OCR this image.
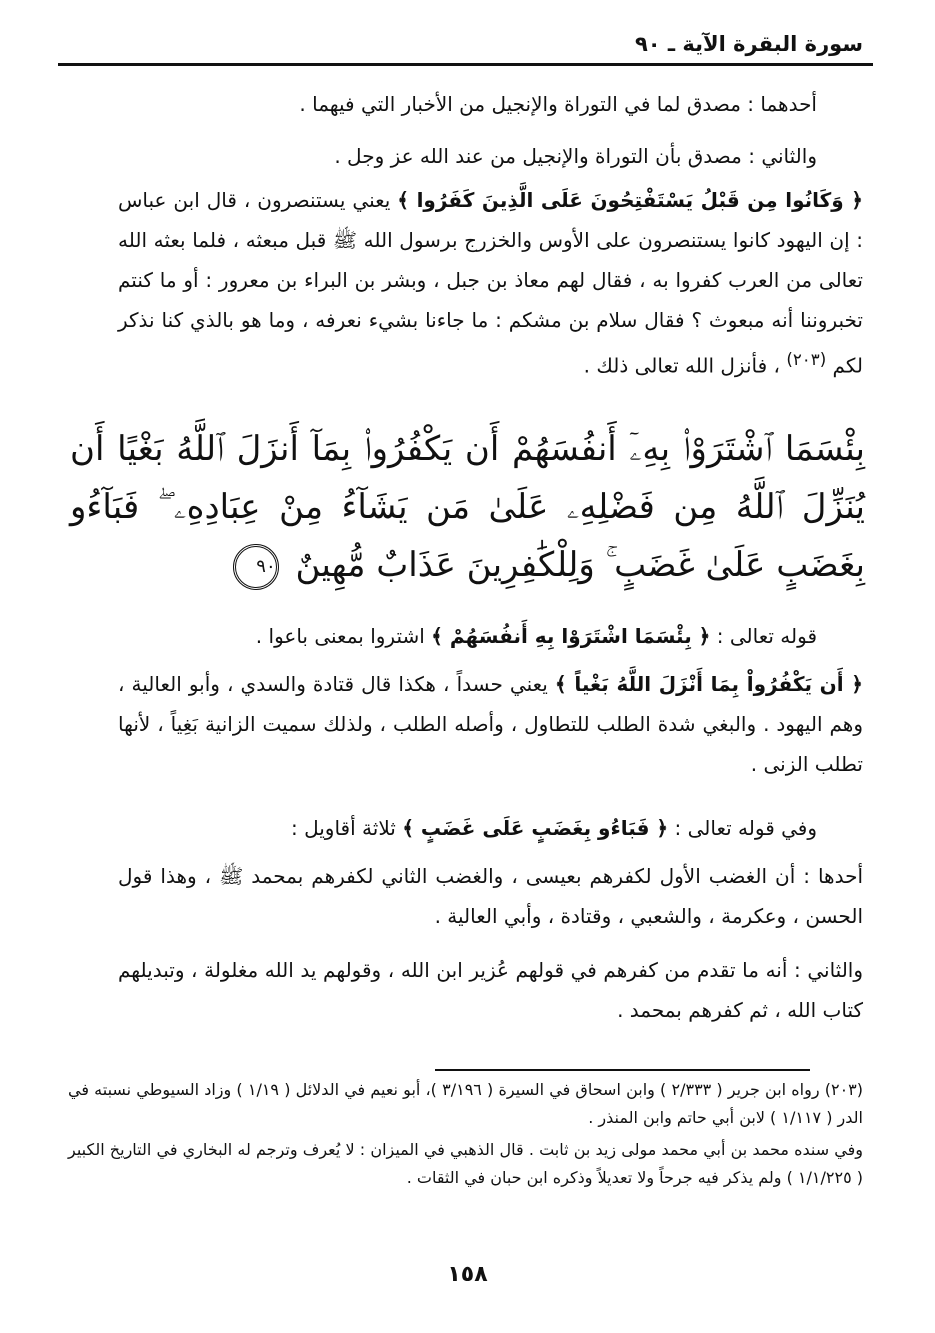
سورة البقرة الآية ـ ٩٠
أحدهما : مصدق لما في التوراة والإنجيل من الأخبار التي فيهما .
والثاني : مصدق بأن التوراة والإنجيل من عند الله عز وجل .
﴿ وَكَانُوا مِن قَبْلُ يَسْتَفْتِحُونَ عَلَى الَّذِينَ كَفَرُوا ﴾ يعني يستنصرون ، قال ابن عباس : إن اليهود كانوا يستنصرون على الأوس والخزرج برسول الله ﷺ قبل مبعثه ، فلما بعثه الله تعالى من العرب كفروا به ، فقال لهم معاذ بن جبل ، وبشر بن البراء بن معرور : أو ما كنتم تخبروننا أنه مبعوث ؟ فقال سلام بن مشكم : ما جاءنا بشيء نعرفه ، وما هو بالذي كنا نذكر لكم $^{(٢٠٣)}$ ، فأنزل الله تعالى ذلك .
بِئْسَمَا ٱشْتَرَوْا۟ بِهِۦٓ أَنفُسَهُمْ أَن يَكْفُرُوا۟ بِمَآ أَنزَلَ ٱللَّهُ بَغْيًا أَن يُنَزِّلَ ٱللَّهُ مِن فَضْلِهِۦ عَلَىٰ مَن يَشَآءُ مِنْ عِبَادِهِۦ ۖ فَبَآءُو بِغَضَبٍ عَلَىٰ غَضَبٍ ۚ وَلِلْكَٰفِرِينَ عَذَابٌ مُّهِينٌ ٩٠
قوله تعالى : ﴿ بِئْسَمَا اشْتَرَوْا بِهِ أَنفُسَهُمْ ﴾ اشتروا بمعنى باعوا .
﴿ أَن يَكْفُرُواْ بِمَا أَنْزَلَ اللَّهُ بَغْياً ﴾ يعني حسداً ، هكذا قال قتادة والسدي ، وأبو العالية ، وهم اليهود . والبغي شدة الطلب للتطاول ، وأصله الطلب ، ولذلك سميت الزانية بَغِياً ، لأنها تطلب الزنى .
وفي قوله تعالى : ﴿ فَبَاءُو بِغَضَبٍ عَلَى غَضَبٍ ﴾ ثلاثة أقاويل :
أحدها : أن الغضب الأول لكفرهم بعيسى ، والغضب الثاني لكفرهم بمحمد ﷺ ، وهذا قول الحسن ، وعكرمة ، والشعبي ، وقتادة ، وأبي العالية .
والثاني : أنه ما تقدم من كفرهم في قولهم عُزير ابن الله ، وقولهم يد الله مغلولة ، وتبديلهم كتاب الله ، ثم كفرهم بمحمد .
(٢٠٣) رواه ابن جرير ( ٢/٣٣٣ ) وابن اسحاق في السيرة ( ٣/١٩٦ )، أبو نعيم في الدلائل ( ١/١٩ ) وزاد السيوطي نسبته في الدر ( ١/١١٧ ) لابن أبي حاتم وابن المنذر .
وفي سنده محمد بن أبي محمد مولى زيد بن ثابت . قال الذهبي في الميزان : لا يُعرف وترجم له البخاري في التاريخ الكبير ( ١/١/٢٢٥ ) ولم يذكر فيه جرحاً ولا تعديلاً وذكره ابن حبان في الثقات .
١٥٨
